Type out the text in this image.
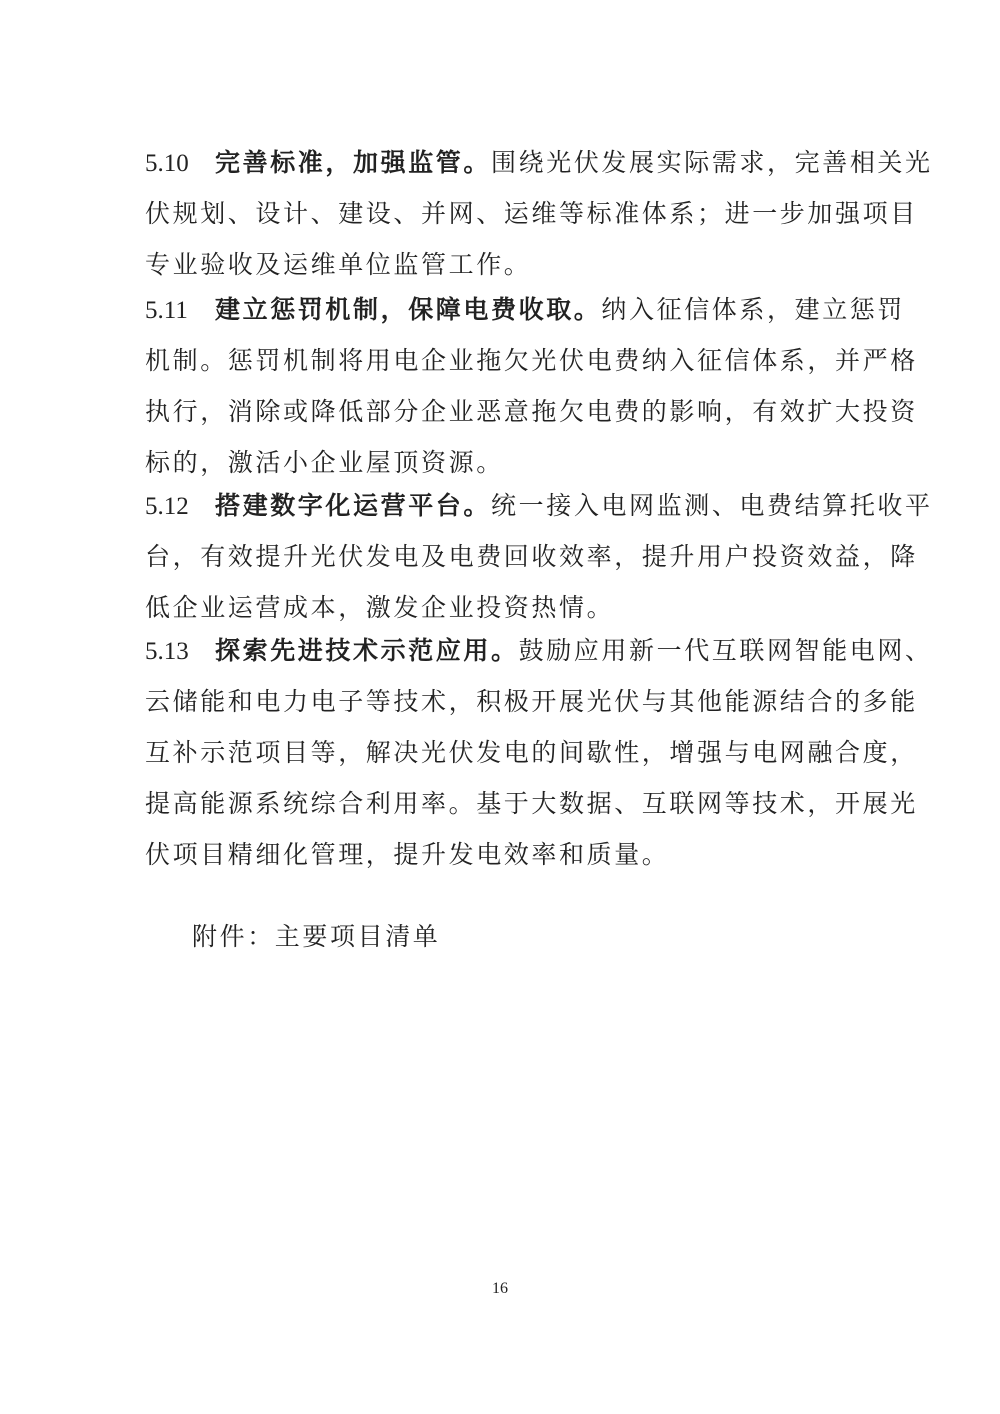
5.10 完善标准，加强监管。围绕光伏发展实际需求，完善相关光
伏规划、设计、建设、并网、运维等标准体系；进一步加强项目
专业验收及运维单位监管工作。
5.11 建立惩罚机制，保障电费收取。纳入征信体系，建立惩罚
机制。惩罚机制将用电企业拖欠光伏电费纳入征信体系，并严格
执行，消除或降低部分企业恶意拖欠电费的影响，有效扩大投资
标的，激活小企业屋顶资源。
5.12 搭建数字化运营平台。统一接入电网监测、电费结算托收平
台，有效提升光伏发电及电费回收效率，提升用户投资效益，降
低企业运营成本，激发企业投资热情。
5.13 探索先进技术示范应用。鼓励应用新一代互联网智能电网、
云储能和电力电子等技术，积极开展光伏与其他能源结合的多能
互补示范项目等，解决光伏发电的间歇性，增强与电网融合度，
提高能源系统综合利用率。基于大数据、互联网等技术，开展光
伏项目精细化管理，提升发电效率和质量。
附件：主要项目清单
16
